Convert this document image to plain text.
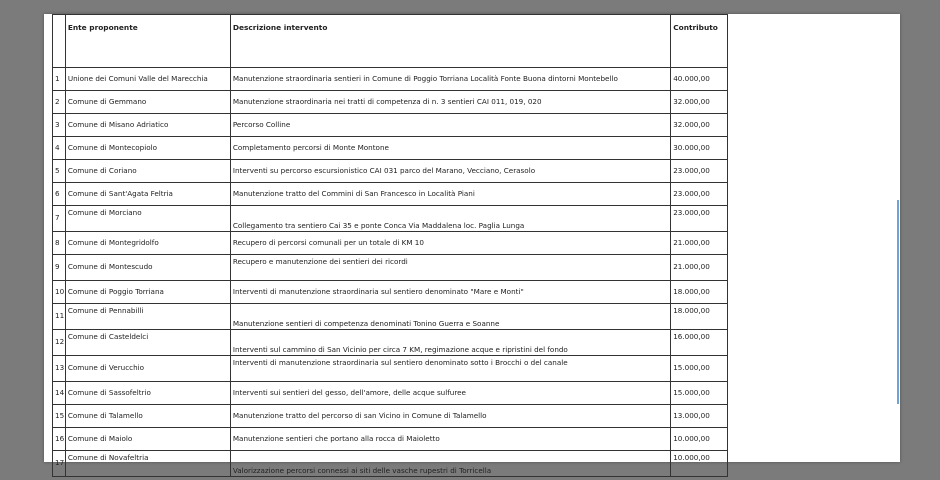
	Ente proponente	Descrizione intervento	Contributo
1	Unione dei Comuni Valle del Marecchia	Manutenzione straordinaria sentieri in Comune di Poggio Torriana Località Fonte Buona dintorni Montebello	40.000,00
2	Comune di Gemmano	Manutenzione straordinaria nei tratti di competenza di n. 3 sentieri CAI 011, 019, 020	32.000,00
3	Comune di Misano Adriatico	Percorso Colline	32.000,00
4	Comune di Montecopiolo	Completamento percorsi di Monte Montone	30.000,00
5	Comune di Coriano	Interventi su percorso escursionistico CAI 031 parco del Marano, Vecciano, Cerasolo	23.000,00
6	Comune di Sant'Agata Feltria	Manutenzione tratto del Commini di San Francesco in Località Piani	23.000,00
7	Comune di Morciano	Collegamento tra sentiero Cai 35 e ponte Conca Via Maddalena loc. Paglia Lunga	23.000,00
8	Comune di Montegridolfo	Recupero di percorsi comunali per un totale di KM 10	21.000,00
9	Comune di Montescudo	Recupero e manutenzione dei sentieri dei ricordi	21.000,00
10	Comune di Poggio Torriana	Interventi di manutenzione straordinaria sul sentiero denominato "Mare e Monti"	18.000,00
11	Comune di Pennabilli	Manutenzione sentieri di competenza denominati Tonino Guerra e Soanne	18.000,00
12	Comune di Casteldelci	Interventi sul cammino di San Vicinio per circa 7 KM, regimazione acque e ripristini del fondo	16.000,00
13	Comune di Verucchio	Interventi di manutenzione straordinaria sul sentiero denominato sotto i Brocchi o del canale	15.000,00
14	Comune di Sassofeltrio	Interventi sui sentieri del gesso, dell'amore, delle acque sulfuree	15.000,00
15	Comune di Talamello	Manutenzione tratto del percorso di san Vicino in Comune di Talamello	13.000,00
16	Comune di Maiolo	Manutenzione sentieri che portano alla rocca di Maioletto	10.000,00
17	Comune di Novafeltria	Valorizzazione percorsi connessi ai siti delle vasche rupestri di Torricella	10.000,00
